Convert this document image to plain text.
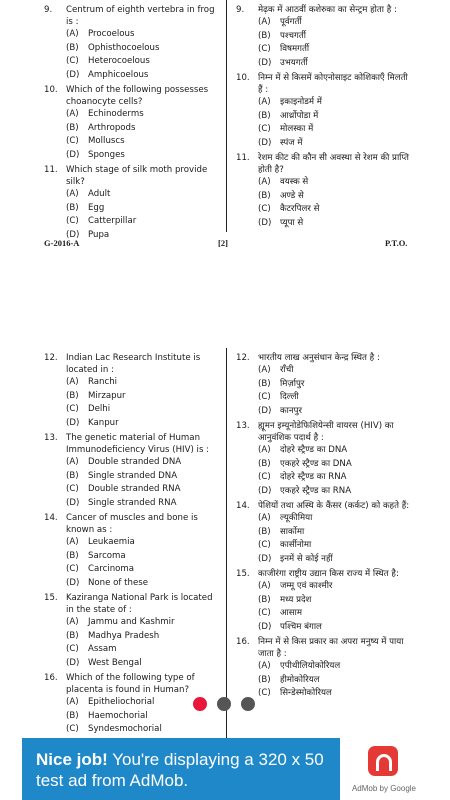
9.	Centrum of eighth vertebra in frog is :
(A)	Procoelous
(B)	Ophisthocoelous
(C)	Heterocoelous
(D)	Amphicoelous
10. Which of the following possesses choanocyte cells?
(A)	Echinoderms
(B)	Arthropods
(C)	Molluscs
(D)	Sponges
11. Which stage of silk moth provide silk?
(A)	Adult
(B)	Egg
(C)	Catterpillar
(D)	Pupa
9.	मेढ़क में आठवीं कशेरुका का सेन्ट्रम होता है :
(A)	पूर्वगर्ती
(B)	पश्चगर्ती
(C)	विषमगर्ती
(D)	उभयगर्ती
10. निम्न में से किसमें कोएनोसाइट कोशिकाएँ मिलती हैं :
(A)	इकाइनोडर्म में
(B)	आर्थ्रोपोडा में
(C)	मोलस्का में
(D)	स्पंज में
11. रेशम कीट की कौन सी अवस्था से रेशम की प्राप्ति होती है?
(A)	वयस्क से
(B)	अण्डे से
(C)	कैटरपिलर से
(D)	प्यूपा से
G-2016-A	[2]	P.T.O.
12. Indian Lac Research Institute is located in :
(A)	Ranchi
(B)	Mirzapur
(C)	Delhi
(D)	Kanpur
13. The genetic material of Human Immunodeficiency Virus (HIV) is :
(A)	Double stranded DNA
(B)	Single stranded DNA
(C)	Double stranded RNA
(D)	Single stranded RNA
14. Cancer of muscles and bone is known as :
(A)	Leukaemia
(B)	Sarcoma
(C)	Carcinoma
(D)	None of these
15. Kaziranga National Park is located in the state of :
(A)	Jammu and Kashmir
(B)	Madhya Pradesh
(C)	Assam
(D)	West Bengal
16. Which of the following type of placenta is found in Human?
(A)	Epitheliochorial
(B)	Haemochorial
(C)	Syndesmochorial
12. भारतीय लाख अनुसंधान केन्द्र स्थित है :
(A)	राँची
(B)	मिर्ज़ापुर
(C)	दिल्ली
(D)	कानपुर
13. ह्यूमन इम्यूनोडेफिशियेन्सी वायरस (HIV) का आनुवंशिक पदार्थ है :
(A)	दोहरे स्ट्रैण्ड का DNA
(B)	एकहरे स्ट्रैण्ड का DNA
(C)	दोहरे स्ट्रैण्ड का RNA
(D)	एकहरे स्ट्रैण्ड का RNA
14. पेशियों तथा अस्थि के कैंसर (कर्कट) को कहते हैं:
(A)	ल्यूकीमिया
(B)	सार्कोमा
(C)	कार्सीनोमा
(D)	इनमें से कोई नहीं
15. काजीरंगा राष्ट्रीय उद्यान किस राज्य में स्थित है:
(A)	जम्मू एवं काश्मीर
(B)	मध्य प्रदेश
(C)	आसाम
(D)	पश्चिम बंगाल
16. निम्न में से किस प्रकार का अपरा मनुष्य में पाया जाता है :
(A)	एपीथीलियोकोरियल
(B)	हीमोकोरियल
(C)	सिन्डेस्मोकोरियल
Nice job! You're displaying a 320 x 50 test ad from AdMob.	AdMob by Google
